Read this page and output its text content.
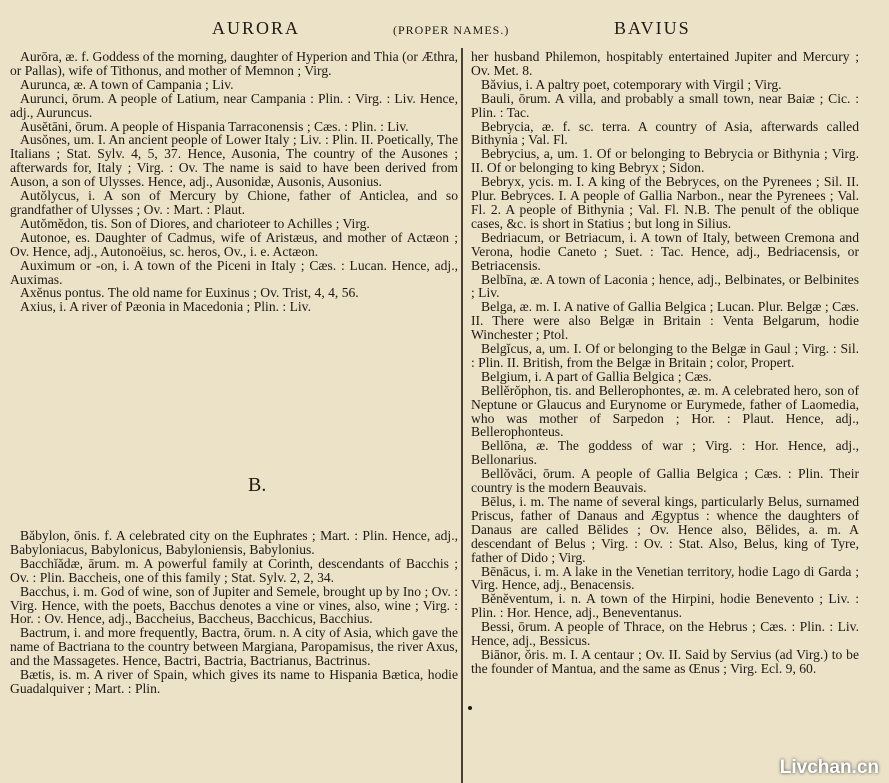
AURORA	(PROPER NAMES.)	BAVIUS

Aurōra, æ. f. Goddess of the morning, daughter of Hyperion and Thia (or Æthra, or Pallas), wife of Tithonus, and mother of Memnon ; Virg.

Aurunca, æ. A town of Campania ; Liv.

Aurunci, ōrum. A people of Latium, near Campania : Plin. : Virg. : Liv. Hence, adj., Auruncus.

Ausĕtāni, ōrum. A people of Hispania Tarraconensis ; Cæs. : Plin. : Liv.

Ausŏnes, um. I. An ancient people of Lower Italy ; Liv. : Plin. II. Poetically, The Italians ; Stat. Sylv. 4, 5, 37. Hence, Ausonia, The country of the Ausones ; afterwards for, Italy ; Virg. : Ov. The name is said to have been derived from Auson, a son of Ulysses. Hence, adj., Ausonidæ, Ausonis, Ausonius.

Autŏlycus, i. A son of Mercury by Chione, father of Anticlea, and so grandfather of Ulysses ; Ov. : Mart. : Plaut.

Autŏmĕdon, tis. Son of Diores, and charioteer to Achilles ; Virg.

Autonoe, es. Daughter of Cadmus, wife of Aristæus, and mother of Actæon ; Ov. Hence, adj., Autonoëius, sc. heros, Ov., i. e. Actæon.

Auximum or -on, i. A town of the Piceni in Italy ; Cæs. : Lucan. Hence, adj., Auximas.

Axĕnus pontus. The old name for Euxinus ; Ov. Trist, 4, 4, 56.

Axius, i. A river of Pæonia in Macedonia ; Plin. : Liv.

B.

Băbylon, ōnis. f. A celebrated city on the Euphrates ; Mart. : Plin. Hence, adj., Babyloniacus, Babylonicus, Babyloniensis, Babylonius.

Bacchĭădæ, ārum. m. A powerful family at Corinth, descendants of Bacchis ; Ov. : Plin. Baccheis, one of this family ; Stat. Sylv. 2, 2, 34.

Bacchus, i. m. God of wine, son of Jupiter and Semele, brought up by Ino ; Ov. : Virg. Hence, with the poets, Bacchus denotes a vine or vines, also, wine ; Virg. : Hor. : Ov. Hence, adj., Baccheius, Baccheus, Bacchicus, Bacchius.

Bactrum, i. and more frequently, Bactra, ōrum. n. A city of Asia, which gave the name of Bactriana to the country between Margiana, Paropamisus, the river Axus, and the Massagetes. Hence, Bactri, Bactria, Bactrianus, Bactrinus.

Bætis, is. m. A river of Spain, which gives its name to Hispania Bætica, hodie Guadalquiver ; Mart. : Plin.

her husband Philemon, hospitably entertained Jupiter and Mercury ; Ov. Met. 8.

Băvius, i. A paltry poet, cotemporary with Virgil ; Virg.

Bauli, ōrum. A villa, and probably a small town, near Baiæ ; Cic. : Plin. : Tac.

Bebrycia, æ. f. sc. terra. A country of Asia, afterwards called Bithynia ; Val. Fl.

Bebrycius, a, um. 1. Of or belonging to Bebrycia or Bithynia ; Virg. II. Of or belonging to king Bebryx ; Sidon.

Bebryx, ycis. m. I. A king of the Bebryces, on the Pyrenees ; Sil. II. Plur. Bebryces. I. A people of Gallia Narbon., near the Pyrenees ; Val. Fl. 2. A people of Bithynia ; Val. Fl. N.B. The penult of the oblique cases, &c. is short in Statius ; but long in Silius.

Bedriacum, or Betriacum, i. A town of Italy, between Cremona and Verona, hodie Caneto ; Suet. : Tac. Hence, adj., Bedriacensis, or Betriacensis.

Belbīna, æ. A town of Laconia ; hence, adj., Belbinates, or Belbinites ; Liv.

Belga, æ. m. I. A native of Gallia Belgica ; Lucan. Plur. Belgæ ; Cæs. II. There were also Belgæ in Britain : Venta Belgarum, hodie Winchester ; Ptol.

Belgĭcus, a, um. I. Of or belonging to the Belgæ in Gaul ; Virg. : Sil. : Plin. II. British, from the Belgæ in Britain ; color, Propert.

Belgium, i. A part of Gallia Belgica ; Cæs.

Bellĕrŏphon, tis. and Bellerophontes, æ. m. A celebrated hero, son of Neptune or Glaucus and Eurynome or Eurymede, father of Laomedia, who was mother of Sarpedon ; Hor. : Plaut. Hence, adj., Bellerophonteus.

Bellōna, æ. The goddess of war ; Virg. : Hor. Hence, adj., Bellonarius.

Bellŏvăci, ōrum. A people of Gallia Belgica ; Cæs. : Plin. Their country is the modern Beauvais.

Bēlus, i. m. The name of several kings, particularly Belus, surnamed Priscus, father of Danaus and Ægyptus : whence the daughters of Danaus are called Bēlides ; Ov. Hence also, Bēlides, a. m. A descendant of Belus ; Virg. : Ov. : Stat. Also, Belus, king of Tyre, father of Dido ; Virg.

Bēnācus, i. m. A lake in the Venetian territory, hodie Lago di Garda ; Virg. Hence, adj., Benacensis.

Bĕnĕventum, i. n. A town of the Hirpini, hodie Benevento ; Liv. : Plin. : Hor. Hence, adj., Beneventanus.

Bessi, ōrum. A people of Thrace, on the Hebrus ; Cæs. : Plin. : Liv. Hence, adj., Bessicus.

Biānor, ŏris. m. I. A centaur ; Ov. II. Said by Servius (ad Virg.) to be the founder of Mantua, and the same as Œnus ; Virg. Ecl. 9, 60.

Livchan.cn
